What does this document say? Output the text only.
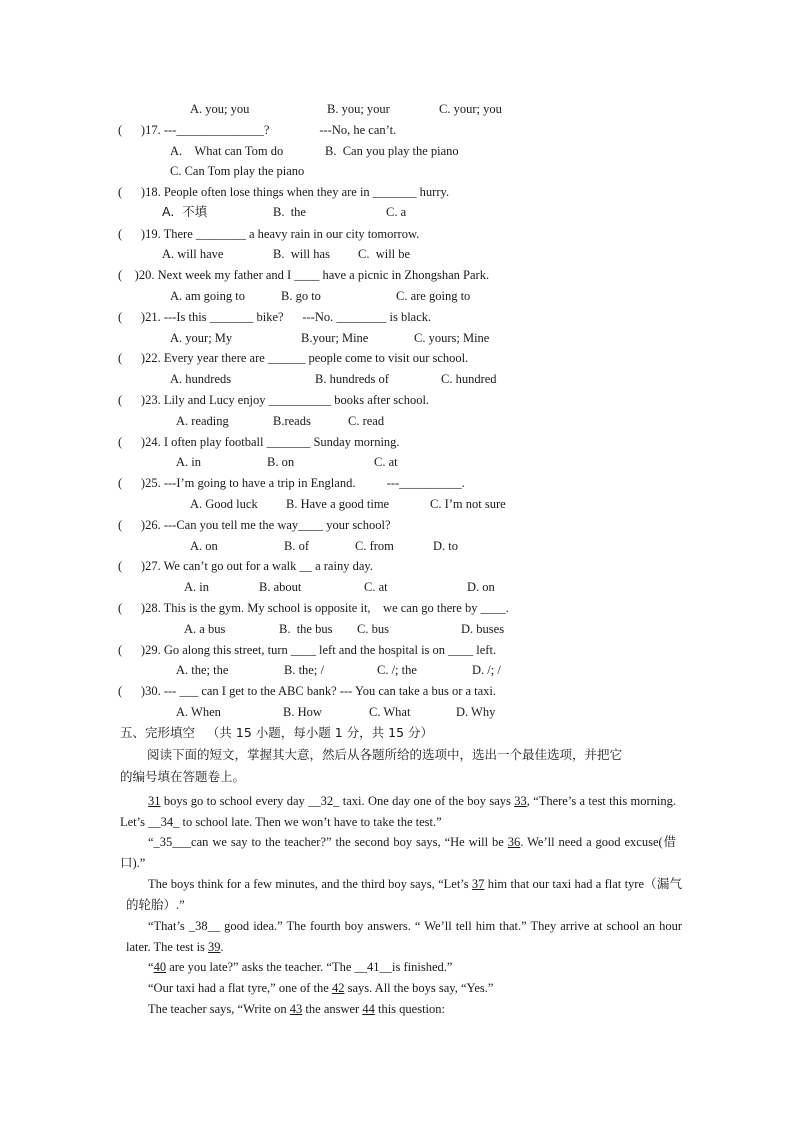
A. you; you	B. you; your	C. your; you
(      )17. ---______________?                ---No, he can’t.
A.    What can Tom do	B.  Can you play the piano
C. Can Tom play the piano
(      )18. People often lose things when they are in _______ hurry.
A.  不填	B.  the	C. a
(      )19. There ________ a heavy rain in our city tomorrow.
A. will have	B.  will has C.  will be
(    )20. Next week my father and I ____ have a picnic in Zhongshan Park.
A. am going to	B. go to	C. are going to
(      )21. ---Is this _______ bike?      ---No. ________ is black.
A. your; My	B.your; Mine	C. yours; Mine
(      )22. Every year there are ______ people come to visit our school.
A. hundreds	B. hundreds of	C. hundred
(      )23. Lily and Lucy enjoy __________ books after school.
A. reading	B.reads	C. read
(      )24. I often play football _______ Sunday morning.
A. in	B. on	C. at
(      )25. ---I’m going to have a trip in England.          ---__________.
A. Good luck B. Have a good time	C. I’m not sure
(      )26. ---Can you tell me the way____ your school?
A. on	B. of	C. from	D. to
(      )27. We can’t go out for a walk __ a rainy day.
A. in	B. about	C. at	D. on
(      )28. This is the gym. My school is opposite it,    we can go there by ____.
A. a bus	B.  the bus C. bus	D. buses
(      )29. Go along this street, turn ____ left and the hospital is on ____ left.
A. the; the	B. the; /	C. /; the	D. /; /
(      )30. --- ___ can I get to the ABC bank? --- You can take a bus or a taxi.
A. When	B. How	C. What	D. Why
五、完形填空   （共 15 小题，每小题 1 分，共 15 分）
阅读下面的短文，掌握其大意，然后从各题所给的选项中，选出一个最佳选项，并把它
的编号填在答题卷上。
31 boys go to school every day __32_ taxi. One day one of the boy says 33, “There’s a test this morning. Let’s __34_ to school late. Then we won’t have to take the test.”
“_35___can we say to the teacher?” the second boy says, “He will be 36. We’ll need a good excuse(借口).”
The boys think for a few minutes, and the third boy says, “Let’s 37 him that our taxi had a flat tyre（漏气的轮胎）.”
“That’s _38__ good idea.” The fourth boy answers. “ We’ll tell him that.” They arrive at school an hour later. The test is 39.
“40 are you late?” asks the teacher. “The __41__is finished.”
“Our taxi had a flat tyre,” one of the 42 says. All the boys say, “Yes.”
The teacher says, “Write on 43 the answer 44 this question:
